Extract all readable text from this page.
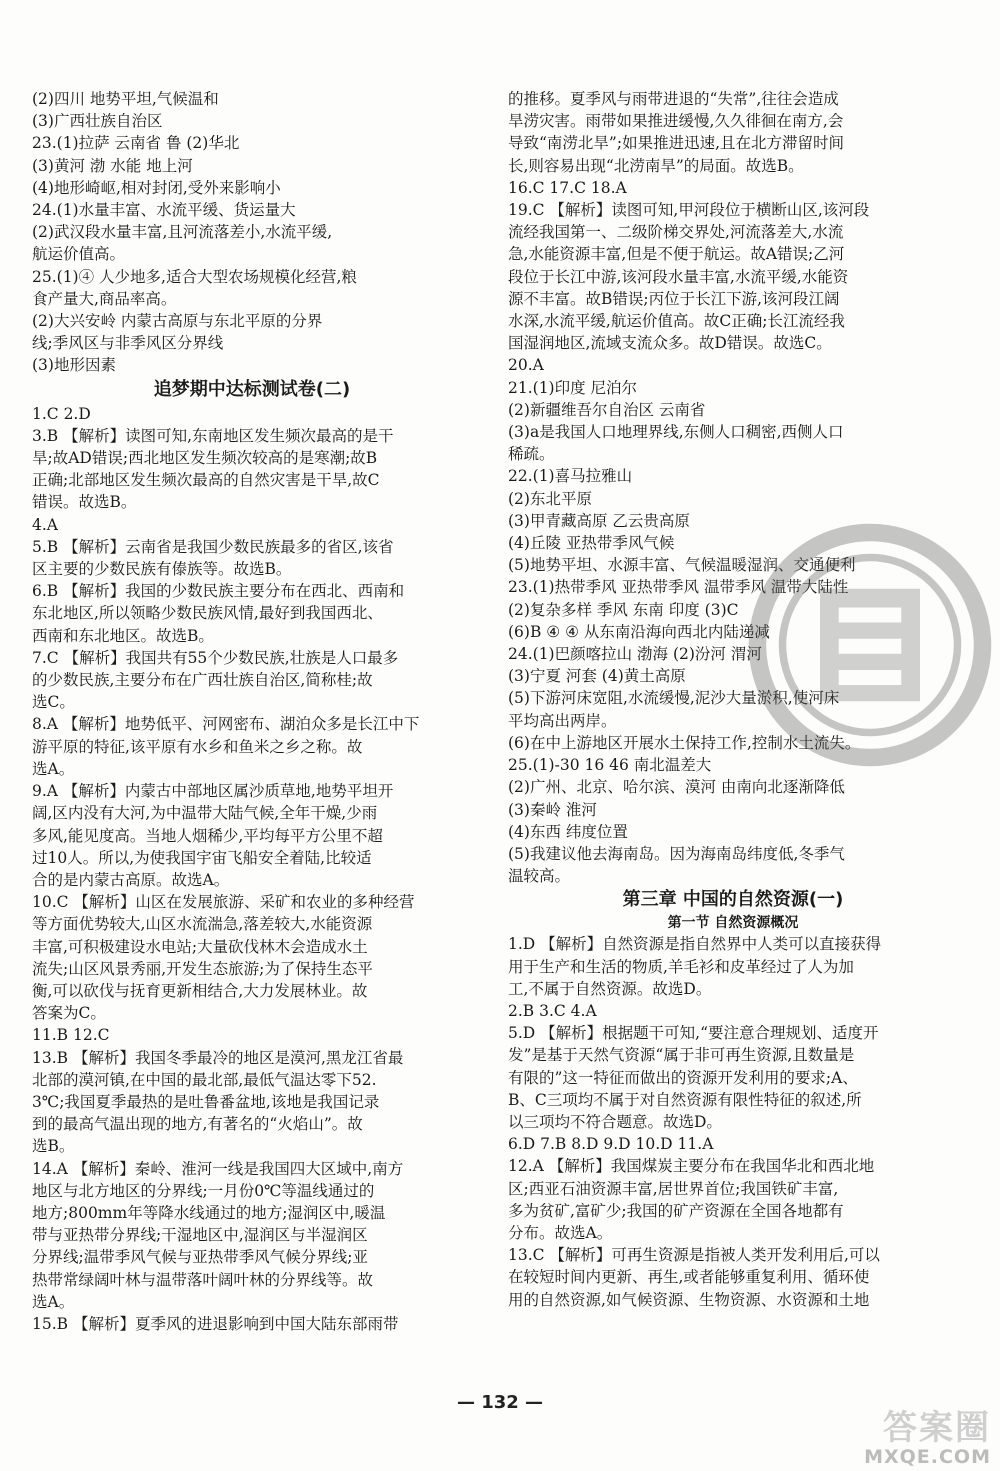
(2)四川 地势平坦,气候温和
(3)广西壮族自治区
23.(1)拉萨 云南省 鲁 (2)华北
(3)黄河 渤 水能 地上河
(4)地形崎岖,相对封闭,受外来影响小
24.(1)水量丰富、水流平缓、货运量大
(2)武汉段水量丰富,且河流落差小,水流平缓,
航运价值高。
25.(1)④ 人少地多,适合大型农场规模化经营,粮
食产量大,商品率高。
(2)大兴安岭 内蒙古高原与东北平原的分界
线;季风区与非季风区分界线
(3)地形因素
追梦期中达标测试卷(二)
1.C 2.D
3.B 【解析】读图可知,东南地区发生频次最高的是干
旱;故AD错误;西北地区发生频次较高的是寒潮;故B
正确;北部地区发生频次最高的自然灾害是干旱,故C
错误。故选B。
4.A
5.B 【解析】云南省是我国少数民族最多的省区,该省
区主要的少数民族有傣族等。故选B。
6.B 【解析】我国的少数民族主要分布在西北、西南和
东北地区,所以领略少数民族风情,最好到我国西北、
西南和东北地区。故选B。
7.C 【解析】我国共有55个少数民族,壮族是人口最多
的少数民族,主要分布在广西壮族自治区,简称桂;故
选C。
8.A 【解析】地势低平、河网密布、湖泊众多是长江中下
游平原的特征,该平原有水乡和鱼米之乡之称。故
选A。
9.A 【解析】内蒙古中部地区属沙质草地,地势平坦开
阔,区内没有大河,为中温带大陆气候,全年干燥,少雨
多风,能见度高。当地人烟稀少,平均每平方公里不超
过10人。所以,为使我国宇宙飞船安全着陆,比较适
合的是内蒙古高原。故选A。
10.C 【解析】山区在发展旅游、采矿和农业的多种经营
等方面优势较大,山区水流湍急,落差较大,水能资源
丰富,可积极建设水电站;大量砍伐林木会造成水土
流失;山区风景秀丽,开发生态旅游;为了保持生态平
衡,可以砍伐与抚育更新相结合,大力发展林业。故
答案为C。
11.B 12.C
13.B 【解析】我国冬季最冷的地区是漠河,黑龙江省最
北部的漠河镇,在中国的最北部,最低气温达零下52.
3℃;我国夏季最热的是吐鲁番盆地,该地是我国记录
到的最高气温出现的地方,有著名的“火焰山”。故
选B。
14.A 【解析】秦岭、淮河一线是我国四大区域中,南方
地区与北方地区的分界线;一月份0℃等温线通过的
地方;800mm年等降水线通过的地方;湿润区中,暖温
带与亚热带分界线;干湿地区中,湿润区与半湿润区
分界线;温带季风气候与亚热带季风气候分界线;亚
热带常绿阔叶林与温带落叶阔叶林的分界线等。故
选A。
15.B 【解析】夏季风的进退影响到中国大陆东部雨带
的推移。夏季风与雨带进退的“失常”,往往会造成
旱涝灾害。雨带如果推进缓慢,久久徘徊在南方,会
导致“南涝北旱”;如果推进迅速,且在北方滞留时间
长,则容易出现“北涝南旱”的局面。故选B。
16.C 17.C 18.A
19.C 【解析】读图可知,甲河段位于横断山区,该河段
流经我国第一、二级阶梯交界处,河流落差大,水流
急,水能资源丰富,但是不便于航运。故A错误;乙河
段位于长江中游,该河段水量丰富,水流平缓,水能资
源不丰富。故B错误;丙位于长江下游,该河段江阔
水深,水流平缓,航运价值高。故C正确;长江流经我
国湿润地区,流域支流众多。故D错误。故选C。
20.A
21.(1)印度 尼泊尔
(2)新疆维吾尔自治区 云南省
(3)a是我国人口地理界线,东侧人口稠密,西侧人口
稀疏。
22.(1)喜马拉雅山
(2)东北平原
(3)甲青藏高原 乙云贵高原
(4)丘陵 亚热带季风气候
(5)地势平坦、水源丰富、气候温暖湿润、交通便利
23.(1)热带季风 亚热带季风 温带季风 温带大陆性
(2)复杂多样 季风 东南 印度 (3)C
(6)B ④ ④ 从东南沿海向西北内陆递减
24.(1)巴颜喀拉山 渤海 (2)汾河 渭河
(3)宁夏 河套 (4)黄土高原
(5)下游河床宽阻,水流缓慢,泥沙大量淤积,使河床
平均高出两岸。
(6)在中上游地区开展水土保持工作,控制水土流失。
25.(1)-30 16 46 南北温差大
(2)广州、北京、哈尔滨、漠河 由南向北逐渐降低
(3)秦岭 淮河
(4)东西 纬度位置
(5)我建议他去海南岛。因为海南岛纬度低,冬季气
温较高。
第三章 中国的自然资源(一)
第一节 自然资源概况
1.D 【解析】自然资源是指自然界中人类可以直接获得
用于生产和生活的物质,羊毛衫和皮革经过了人为加
工,不属于自然资源。故选D。
2.B 3.C 4.A
5.D 【解析】根据题干可知,“要注意合理规划、适度开
发”是基于天然气资源“属于非可再生资源,且数量是
有限的”这一特征而做出的资源开发利用的要求;A、
B、C三项均不属于对自然资源有限性特征的叙述,所
以三项均不符合题意。故选D。
6.D 7.B 8.D 9.D 10.D 11.A
12.A 【解析】我国煤炭主要分布在我国华北和西北地
区;西亚石油资源丰富,居世界首位;我国铁矿丰富,
多为贫矿,富矿少;我国的矿产资源在全国各地都有
分布。故选A。
13.C 【解析】可再生资源是指被人类开发利用后,可以
在较短时间内更新、再生,或者能够重复利用、循环使
用的自然资源,如气候资源、生物资源、水资源和土地
— 132 —
答案圈
MXQE.COM
